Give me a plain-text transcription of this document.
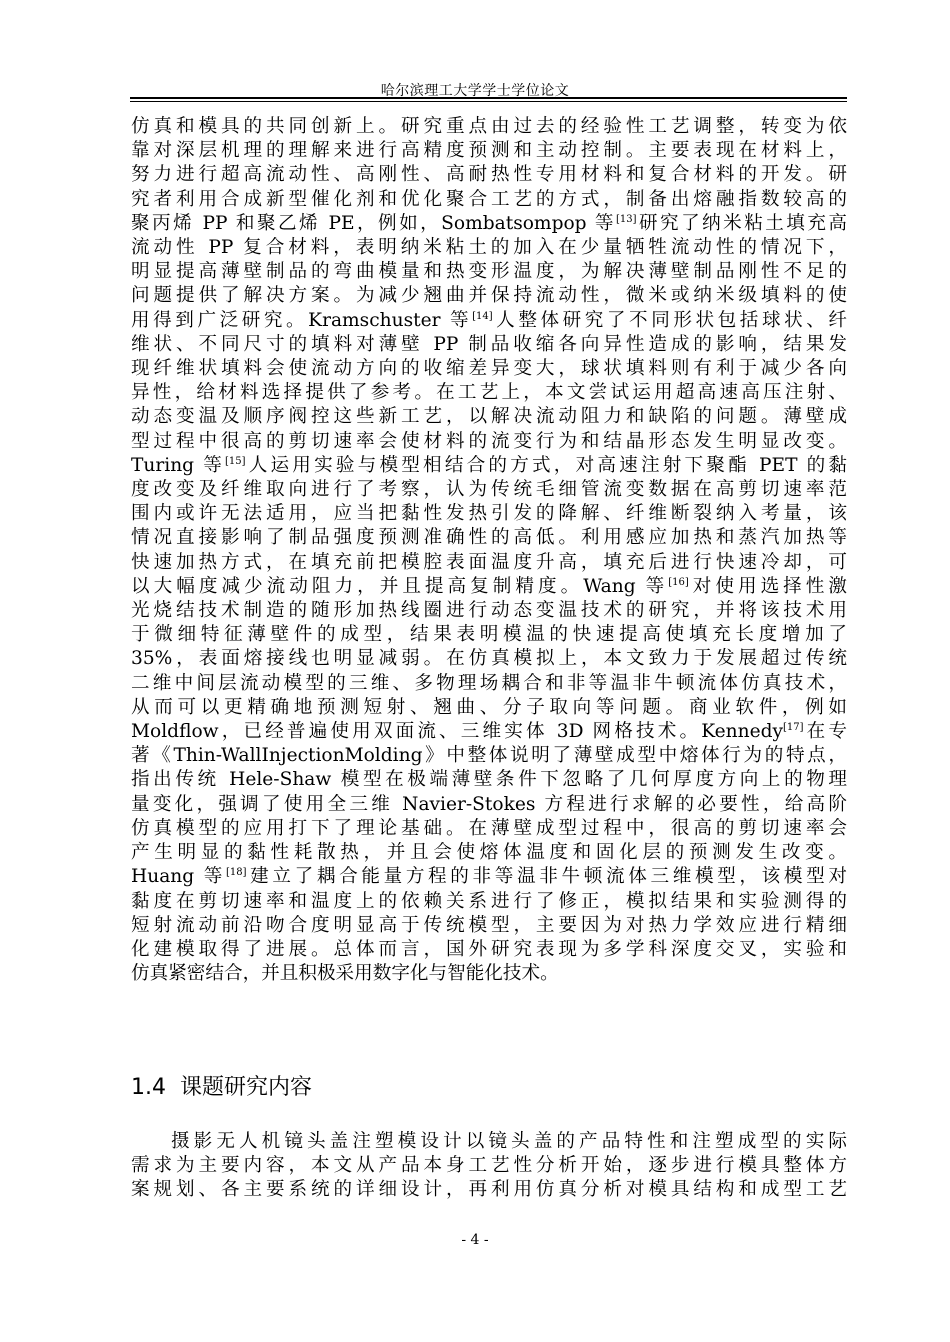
哈尔滨理工大学学士学位论文
仿真和模具的共同创新上。研究重点由过去的经验性工艺调整，转变为依
靠对深层机理的理解来进行高精度预测和主动控制。主要表现在材料上，
努力进行超高流动性、高刚性、高耐热性专用材料和复合材料的开发。研
究者利用合成新型催化剂和优化聚合工艺的方式，制备出熔融指数较高的
聚丙烯 PP 和聚乙烯 PE，例如，Sombatsompop 等[13]研究了纳米粘土填充高
流动性 PP 复合材料，表明纳米粘土的加入在少量牺牲流动性的情况下，
明显提高薄壁制品的弯曲模量和热变形温度，为解决薄壁制品刚性不足的
问题提供了解决方案。为减少翘曲并保持流动性，微米或纳米级填料的使
用得到广泛研究。Kramschuster 等[14]人整体研究了不同形状包括球状、纤
维状、不同尺寸的填料对薄壁 PP 制品收缩各向异性造成的影响，结果发
现纤维状填料会使流动方向的收缩差异变大，球状填料则有利于减少各向
异性，给材料选择提供了参考。在工艺上，本文尝试运用超高速高压注射、
动态变温及顺序阀控这些新工艺，以解决流动阻力和缺陷的问题。薄壁成
型过程中很高的剪切速率会使材料的流变行为和结晶形态发生明显改变。
Turing 等[15]人运用实验与模型相结合的方式，对高速注射下聚酯 PET 的黏
度改变及纤维取向进行了考察，认为传统毛细管流变数据在高剪切速率范
围内或许无法适用，应当把黏性发热引发的降解、纤维断裂纳入考量，该
情况直接影响了制品强度预测准确性的高低。利用感应加热和蒸汽加热等
快速加热方式，在填充前把模腔表面温度升高，填充后进行快速冷却，可
以大幅度减少流动阻力，并且提高复制精度。Wang 等[16]对使用选择性激
光烧结技术制造的随形加热线圈进行动态变温技术的研究，并将该技术用
于微细特征薄壁件的成型，结果表明模温的快速提高使填充长度增加了
35%，表面熔接线也明显减弱。在仿真模拟上，本文致力于发展超过传统
二维中间层流动模型的三维、多物理场耦合和非等温非牛顿流体仿真技术，
从而可以更精确地预测短射、翘曲、分子取向等问题。商业软件，例如
Moldflow，已经普遍使用双面流、三维实体 3D 网格技术。Kennedy[17]在专
著《Thin-WallInjectionMolding》中整体说明了薄壁成型中熔体行为的特点，
指出传统 Hele-Shaw 模型在极端薄壁条件下忽略了几何厚度方向上的物理
量变化，强调了使用全三维 Navier-Stokes 方程进行求解的必要性，给高阶
仿真模型的应用打下了理论基础。在薄壁成型过程中，很高的剪切速率会
产生明显的黏性耗散热，并且会使熔体温度和固化层的预测发生改变。
Huang 等[18]建立了耦合能量方程的非等温非牛顿流体三维模型，该模型对
黏度在剪切速率和温度上的依赖关系进行了修正，模拟结果和实验测得的
短射流动前沿吻合度明显高于传统模型，主要因为对热力学效应进行精细
化建模取得了进展。总体而言，国外研究表现为多学科深度交叉，实验和
仿真紧密结合，并且积极采用数字化与智能化技术。
1.4 课题研究内容
摄影无人机镜头盖注塑模设计以镜头盖的产品特性和注塑成型的实际
需求为主要内容，本文从产品本身工艺性分析开始，逐步进行模具整体方
案规划、各主要系统的详细设计，再利用仿真分析对模具结构和成型工艺
- 4 -
